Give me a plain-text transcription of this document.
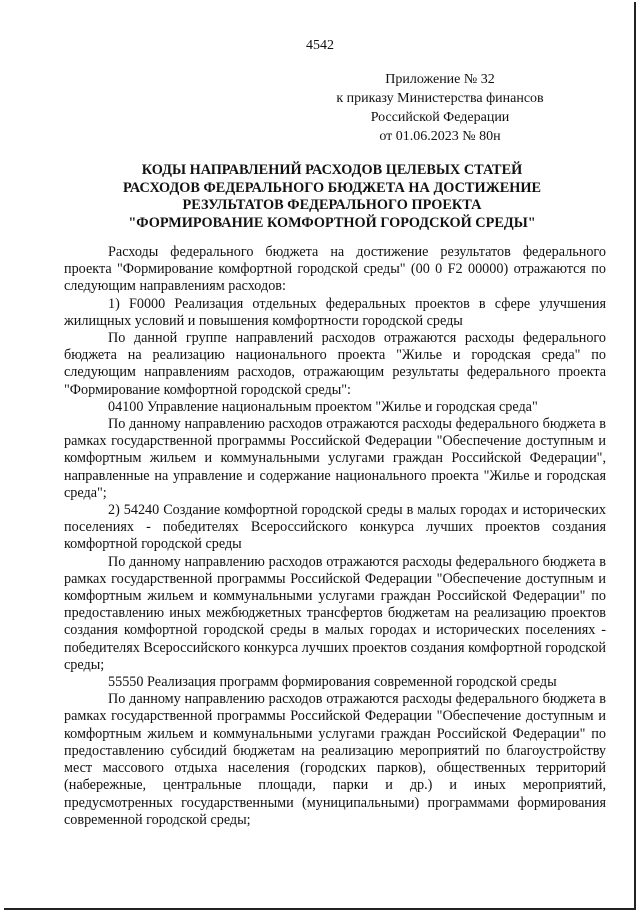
4542
Приложение № 32
к приказу Министерства финансов
Российской Федерации
от 01.06.2023 № 80н
КОДЫ НАПРАВЛЕНИЙ РАСХОДОВ ЦЕЛЕВЫХ СТАТЕЙ
РАСХОДОВ ФЕДЕРАЛЬНОГО БЮДЖЕТА НА ДОСТИЖЕНИЕ
РЕЗУЛЬТАТОВ ФЕДЕРАЛЬНОГО ПРОЕКТА
"ФОРМИРОВАНИЕ КОМФОРТНОЙ ГОРОДСКОЙ СРЕДЫ"

Расходы федерального бюджета на достижение результатов федерального проекта "Формирование комфортной городской среды" (00 0 F2 00000) отражаются по следующим направлениям расходов:

1) F0000 Реализация отдельных федеральных проектов в сфере улучшения жилищных условий и повышения комфортности городской среды

По данной группе направлений расходов отражаются расходы федерального бюджета на реализацию национального проекта "Жилье и городская среда" по следующим направлениям расходов, отражающим результаты федерального проекта "Формирование комфортной городской среды":

04100 Управление национальным проектом "Жилье и городская среда"

По данному направлению расходов отражаются расходы федерального бюджета в рамках государственной программы Российской Федерации "Обеспечение доступным и комфортным жильем и коммунальными услугами граждан Российской Федерации", направленные на управление и содержание национального проекта "Жилье и городская среда";

2) 54240 Создание комфортной городской среды в малых городах и исторических поселениях - победителях Всероссийского конкурса лучших проектов создания комфортной городской среды

По данному направлению расходов отражаются расходы федерального бюджета в рамках государственной программы Российской Федерации "Обеспечение доступным и комфортным жильем и коммунальными услугами граждан Российской Федерации" по предоставлению иных межбюджетных трансфертов бюджетам на реализацию проектов создания комфортной городской среды в малых городах и исторических поселениях - победителях Всероссийского конкурса лучших проектов создания комфортной городской среды;

55550 Реализация программ формирования современной городской среды

По данному направлению расходов отражаются расходы федерального бюджета в рамках государственной программы Российской Федерации "Обеспечение доступным и комфортным жильем и коммунальными услугами граждан Российской Федерации" по предоставлению субсидий бюджетам на реализацию мероприятий по благоустройству мест массового отдыха населения (городских парков), общественных территорий (набережные, центральные площади, парки и др.) и иных мероприятий, предусмотренных государственными (муниципальными) программами формирования современной городской среды;
